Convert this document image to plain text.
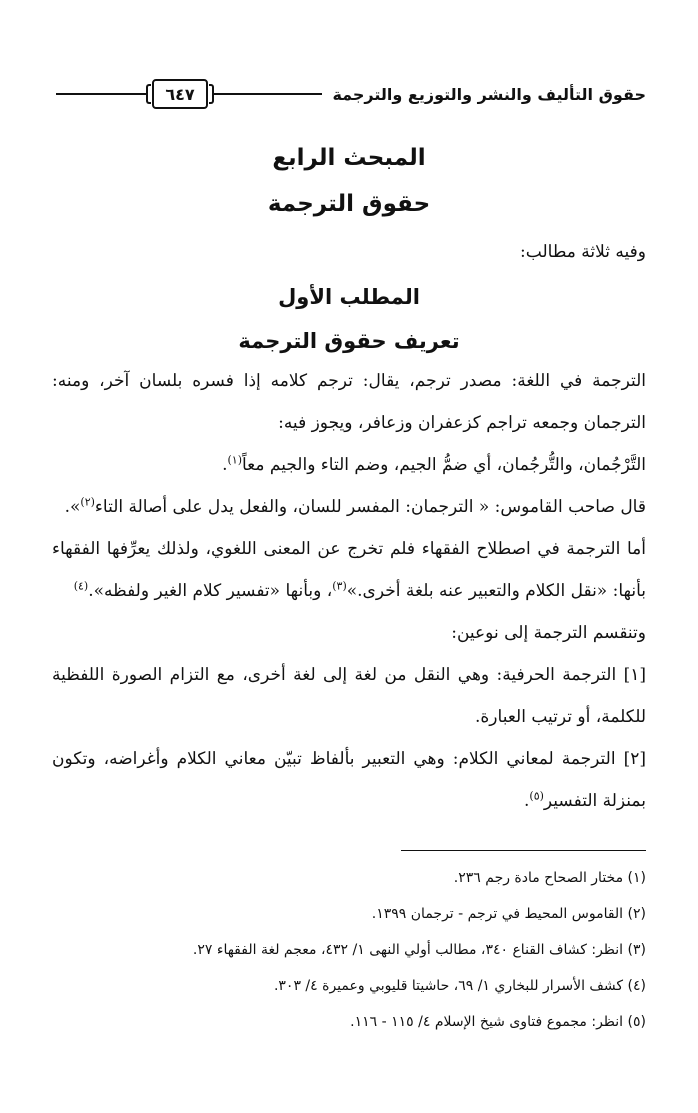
حقوق التأليف والنشر والتوزيع والترجمة
٦٤٧
المبحث الرابع
حقوق الترجمة
وفيه ثلاثة مطالب:
المطلب الأول
تعريف حقوق الترجمة
الترجمة في اللغة: مصدر ترجم، يقال: ترجم كلامه إذا فسره بلسان آخر، ومنه:
الترجمان وجمعه تراجم كزعفران وزعافر، ويجوز فيه:
التَّرْجُمان، والتُّرجُمان، أي ضمُّ الجيم، وضم التاء والجيم معاً$^{(١)}$.
قال صاحب القاموس: « الترجمان: المفسر للسان، والفعل يدل على أصالة التاء$^{(٢)}$».
أما الترجمة في اصطلاح الفقهاء فلم تخرج عن المعنى اللغوي، ولذلك يعرِّفها الفقهاء
بأنها: «نقل الكلام والتعبير عنه بلغة أخرى.»$^{(٣)}$، وبأنها «تفسير كلام الغير ولفظه».$^{(٤)}$
وتنقسم الترجمة إلى نوعين:
[١] الترجمة الحرفية: وهي النقل من لغة إلى لغة أخرى، مع التزام الصورة اللفظية
للكلمة، أو ترتيب العبارة.
[٢] الترجمة لمعاني الكلام: وهي التعبير بألفاظ تبيّن معاني الكلام وأغراضه، وتكون
بمنزلة التفسير$^{(٥)}$.
(١) مختار الصحاح مادة رجم ٢٣٦.
(٢) القاموس المحيط في ترجم - ترجمان ١٣٩٩.
(٣) انظر: كشاف القناع ٣٤٠، مطالب أولي النهى ١/ ٤٣٢، معجم لغة الفقهاء ٢٧.
(٤) كشف الأسرار للبخاري ١/ ٦٩، حاشيتا قليوبي وعميرة ٤/ ٣٠٣.
(٥) انظر: مجموع فتاوى شيخ الإسلام ٤/ ١١٥ - ١١٦.
